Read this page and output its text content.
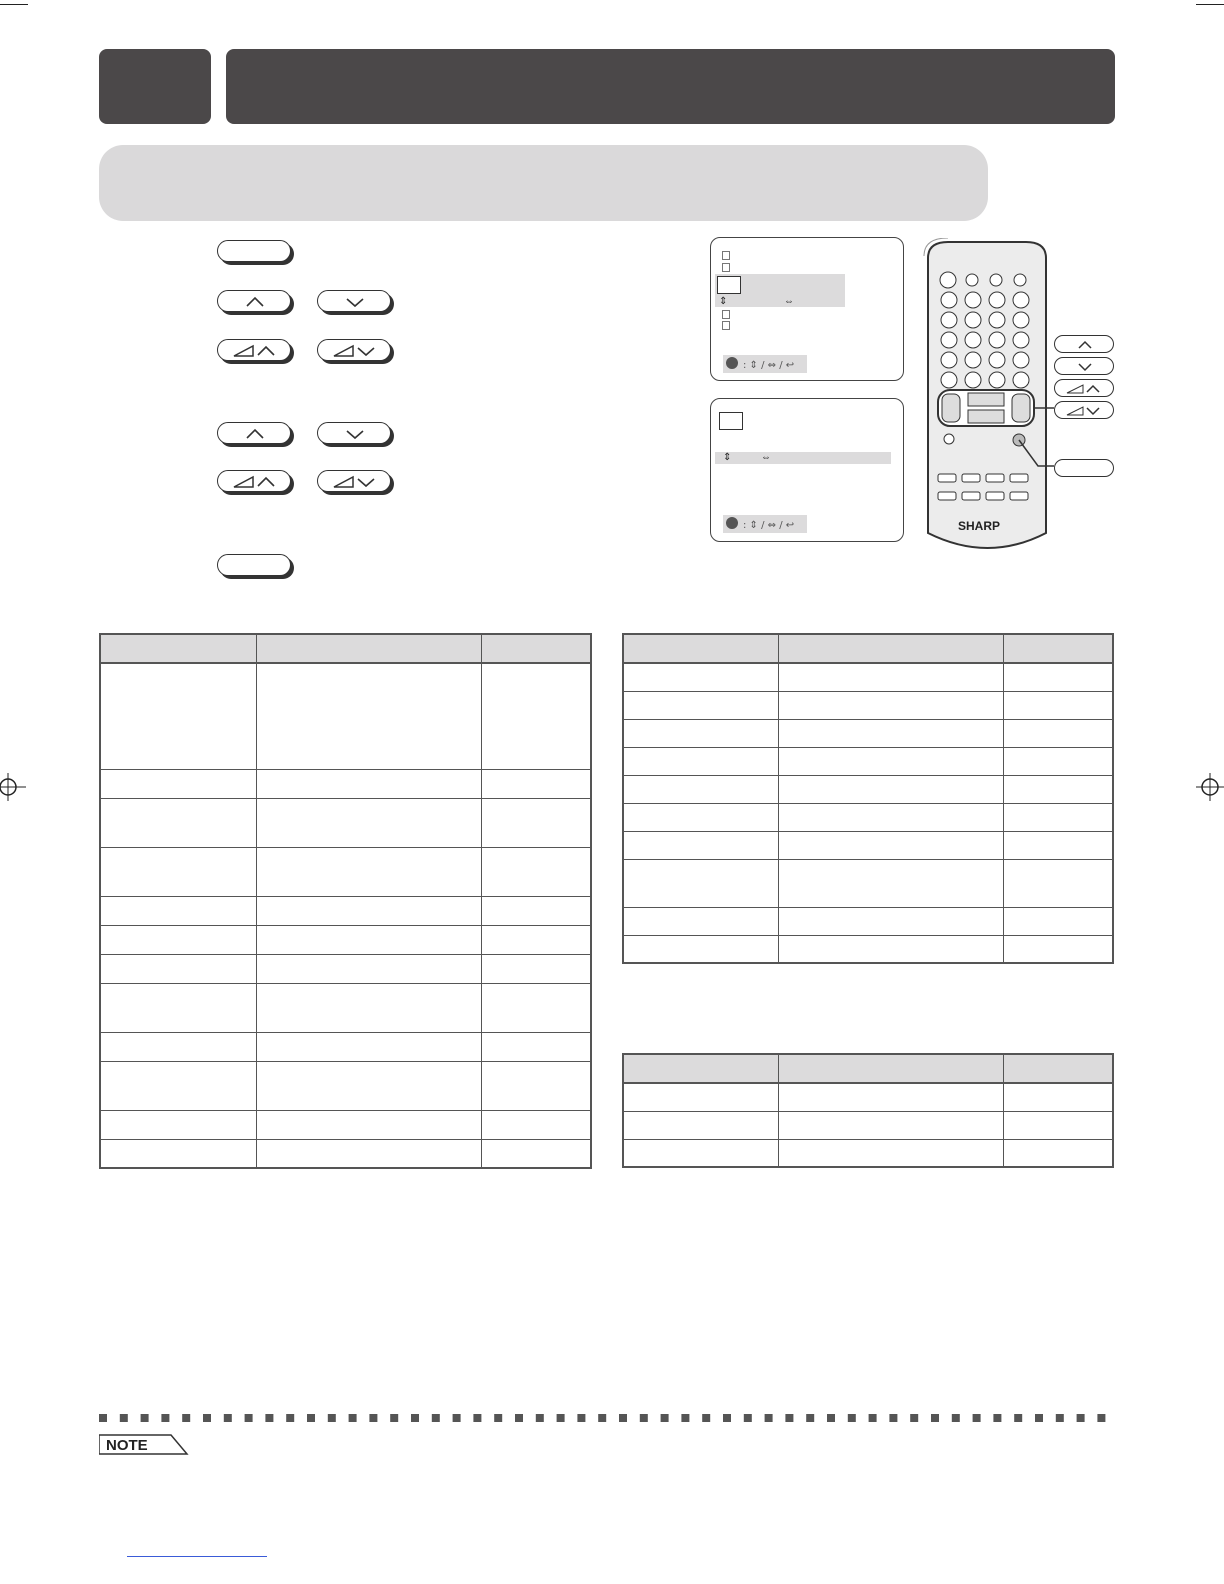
⇕	⇔
: ⇕ / ⇔ / ↩
⇕	⇔
: ⇕ / ⇔ / ↩	SHARP

NOTE
